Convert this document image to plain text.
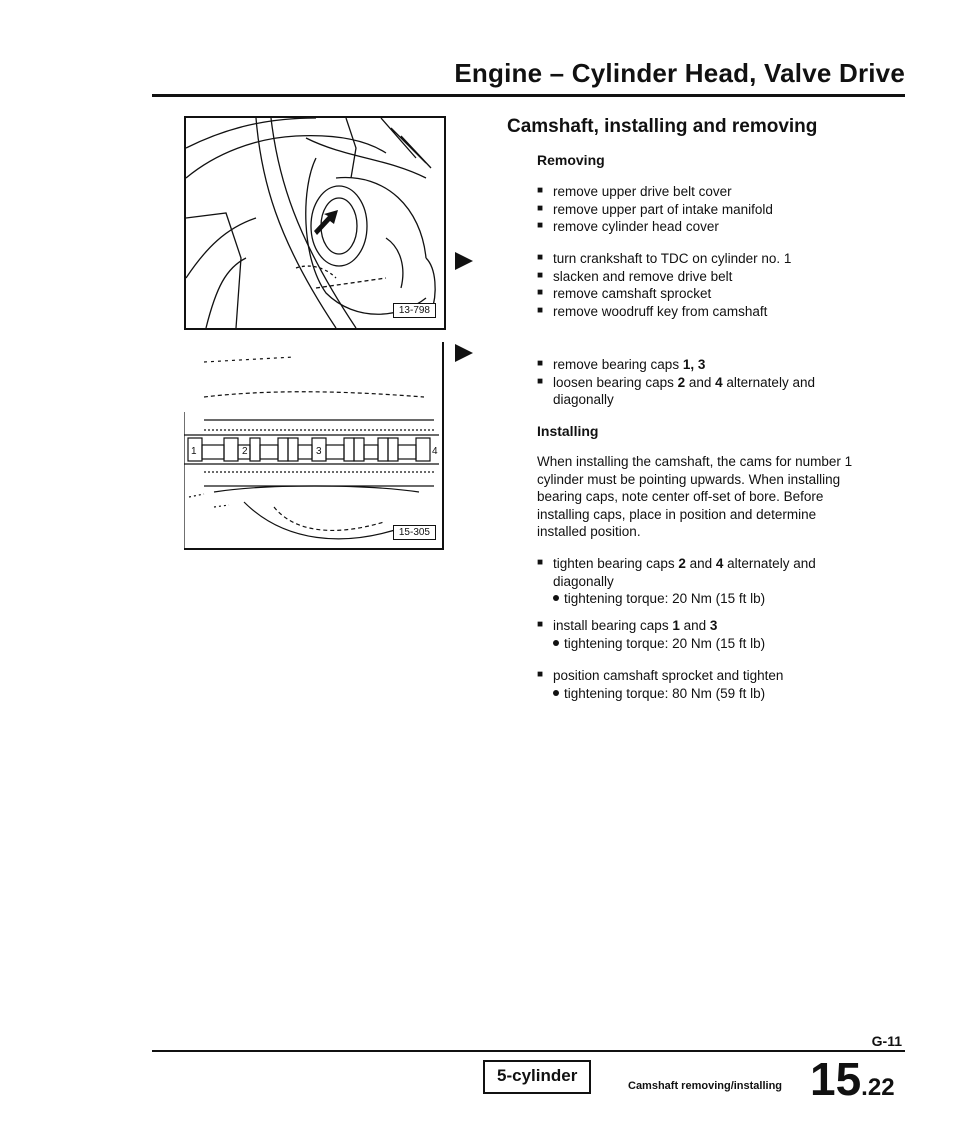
Engine – Cylinder Head, Valve Drive
13-798
1	2	3	4
15-305
Camshaft, installing and removing
Removing
■ remove upper drive belt cover
■ remove upper part of intake manifold
■ remove cylinder head cover
■ turn crankshaft to TDC on cylinder no. 1
■ slacken and remove drive belt
■ remove camshaft sprocket
■ remove woodruff key from camshaft
■ remove bearing caps 1, 3
■ loosen bearing caps 2 and 4 alternately and diagonally
Installing
When installing the camshaft, the cams for number 1 cylinder must be pointing upwards. When installing bearing caps, note center off-set of bore. Before installing caps, place in position and determine installed position.
■ tighten bearing caps 2 and 4 alternately and diagonally
tightening torque: 20 Nm (15 ft lb)
■ install bearing caps 1 and 3
tightening torque: 20 Nm (15 ft lb)
■ position camshaft sprocket and tighten
tightening torque: 80 Nm (59 ft lb)
G-11
5-cylinder
Camshaft removing/installing 15.22
